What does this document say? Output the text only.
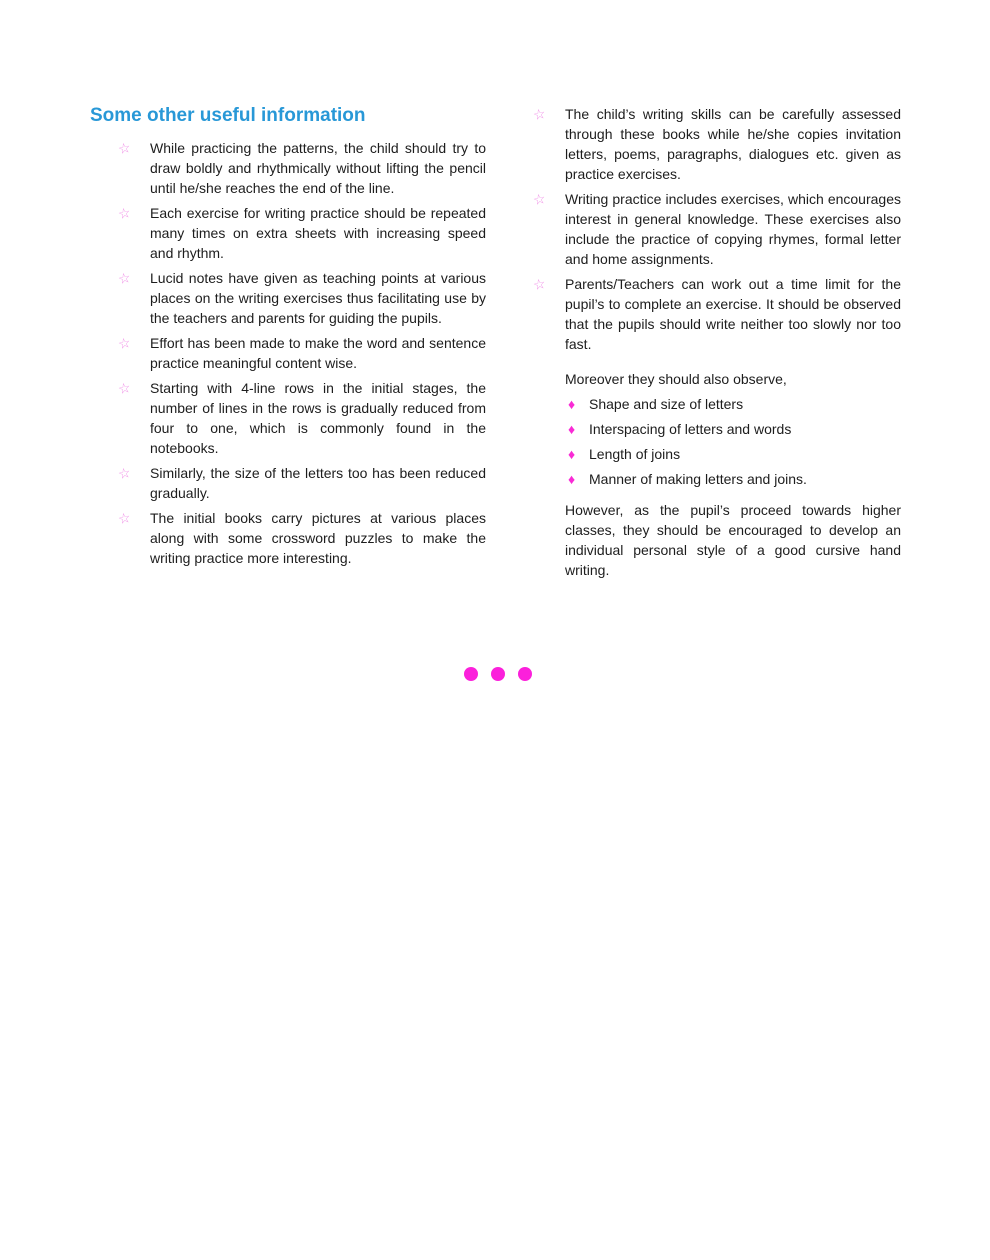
Some other useful information
☆	While practicing the patterns, the child should try to draw boldly and rhythmically without lifting the pencil until he/she reaches the end of the line.

☆	Each exercise for writing practice should be repeated many times on extra sheets with increasing speed and rhythm.

☆	Lucid notes have given as teaching points at various places on the writing exercises thus facilitating use by the teachers and parents for guiding the pupils.

☆	Effort has been made to make the word and sentence practice meaningful content wise.

☆	Starting with 4-line rows in the initial stages, the number of lines in the rows is gradually reduced from four to one, which is commonly found in the notebooks.

☆	Similarly, the size of the letters too has been reduced gradually.

☆	The initial books carry pictures at various places along with some crossword puzzles to make the writing practice more interesting.

☆	The child’s writing skills can be carefully assessed through these books while he/she copies invitation letters, poems, paragraphs, dialogues etc. given as practice exercises.

☆	Writing practice includes exercises, which encourages interest in general knowledge. These exercises also include the practice of copying rhymes, formal letter and home assignments.

☆	Parents/Teachers can work out a time limit for the pupil’s to complete an exercise. It should be observed that the pupils should write neither too slowly nor too fast.

Moreover they should also observe,

♦ Shape and size of letters

♦ Interspacing of letters and words

♦ Length of joins

♦ Manner of making letters and joins.

However, as the pupil’s proceed towards higher classes, they should be encouraged to develop an individual personal style of a good cursive hand writing.
